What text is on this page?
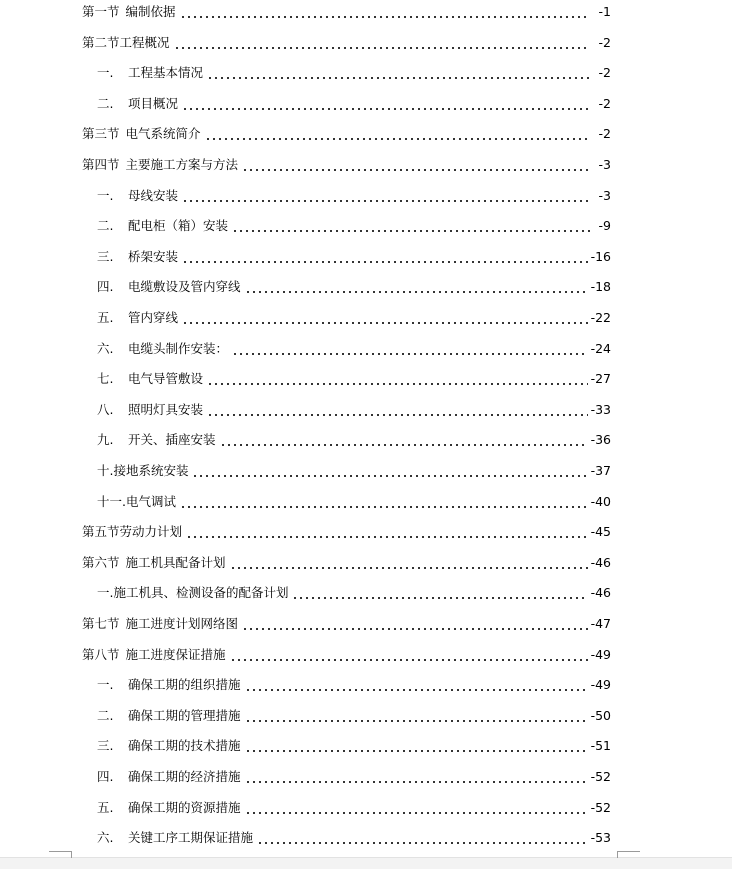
第一节 编制依据	-1
第二节工程概况	-2
一.	工程基本情况	-2
二.	项目概况	-2
第三节 电气系统简介	-2
第四节 主要施工方案与方法	-3
一.	母线安装	-3
二.	配电柜（箱）安装	-9
三.	桥架安装	-16
四.	电缆敷设及管内穿线	-18
五.	管内穿线	-22
六.	电缆头制作安装：	-24
七.	电气导管敷设	-27
八.	照明灯具安装	-33
九.	开关、插座安装	-36
十.接地系统安装	-37
十一.电气调试	-40
第五节劳动力计划	-45
第六节 施工机具配备计划	-46
一.施工机具、检测设备的配备计划	-46
第七节 施工进度计划网络图	-47
第八节 施工进度保证措施	-49
一.	确保工期的组织措施	-49
二.	确保工期的管理措施	-50
三.	确保工期的技术措施	-51
四.	确保工期的经济措施	-52
五.	确保工期的资源措施	-52
六.	关键工序工期保证措施	-53
